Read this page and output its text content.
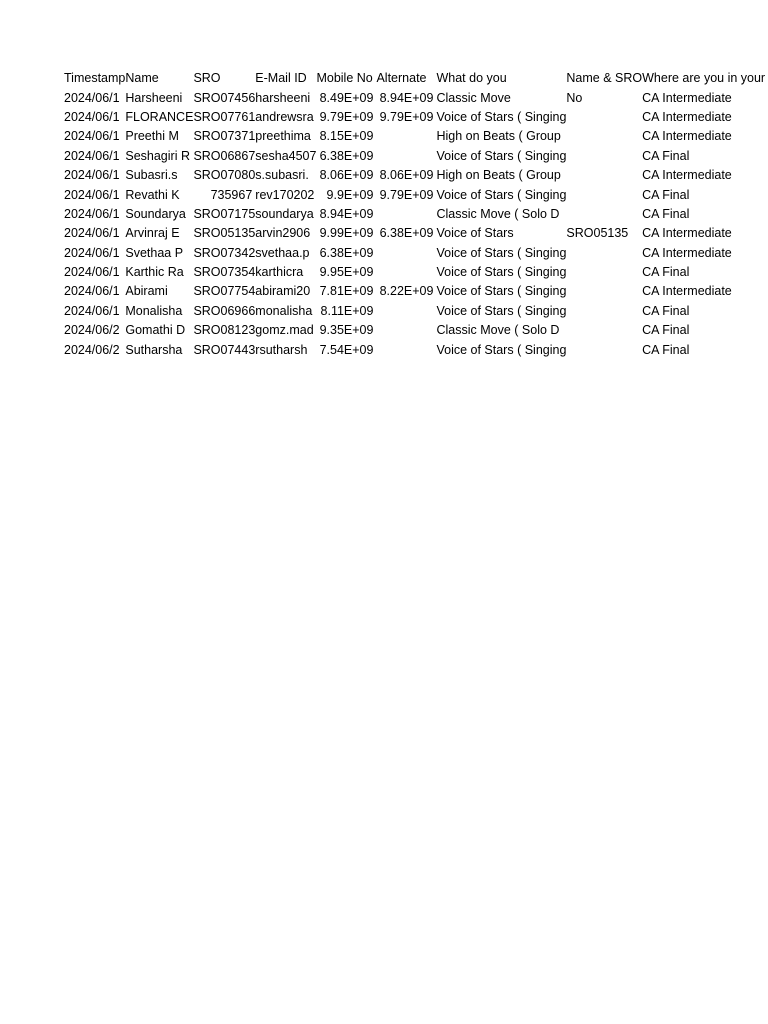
Timestamp	Name	SRO	E-Mail ID	Mobile No	Alternate	What do you	Name & SRO	Where are you in your
2024/06/1	Harsheeni	SRO07456	harsheeni	8.49E+09	8.94E+09	Classic Move	No	CA Intermediate
2024/06/1	FLORANCE	SRO07761	andrewsra	9.79E+09	9.79E+09	Voice of Stars ( Singing		CA Intermediate
2024/06/1	Preethi M	SRO07371	preethima	8.15E+09		High on Beats ( Group		CA Intermediate
2024/06/1	Seshagiri R	SRO06867	sesha4507	6.38E+09		Voice of Stars ( Singing		CA Final
2024/06/1	Subasri.s	SRO07080	s.subasri.	8.06E+09	8.06E+09	High on Beats ( Group		CA Intermediate
2024/06/1	Revathi K	735967	rev170202	9.9E+09	9.79E+09	Voice of Stars ( Singing		CA Final
2024/06/1	Soundarya	SRO07175	soundarya	8.94E+09		Classic Move ( Solo D		CA Final
2024/06/1	Arvinraj E	SRO05135	arvin2906	9.99E+09	6.38E+09	Voice of Stars	SRO05135	CA Intermediate
2024/06/1	Svethaa P	SRO07342	svethaa.p	6.38E+09		Voice of Stars ( Singing		CA Intermediate
2024/06/1	Karthic Ra	SRO07354	karthicra	9.95E+09		Voice of Stars ( Singing		CA Final
2024/06/1	Abirami	SRO07754	abirami20	7.81E+09	8.22E+09	Voice of Stars ( Singing		CA Intermediate
2024/06/1	Monalisha	SRO06966	monalisha	8.11E+09		Voice of Stars ( Singing		CA Final
2024/06/2	Gomathi D	SRO08123	gomz.mad	9.35E+09		Classic Move ( Solo D		CA Final
2024/06/2	Sutharsha	SRO07443	rsutharsh	7.54E+09		Voice of Stars ( Singing		CA Final
